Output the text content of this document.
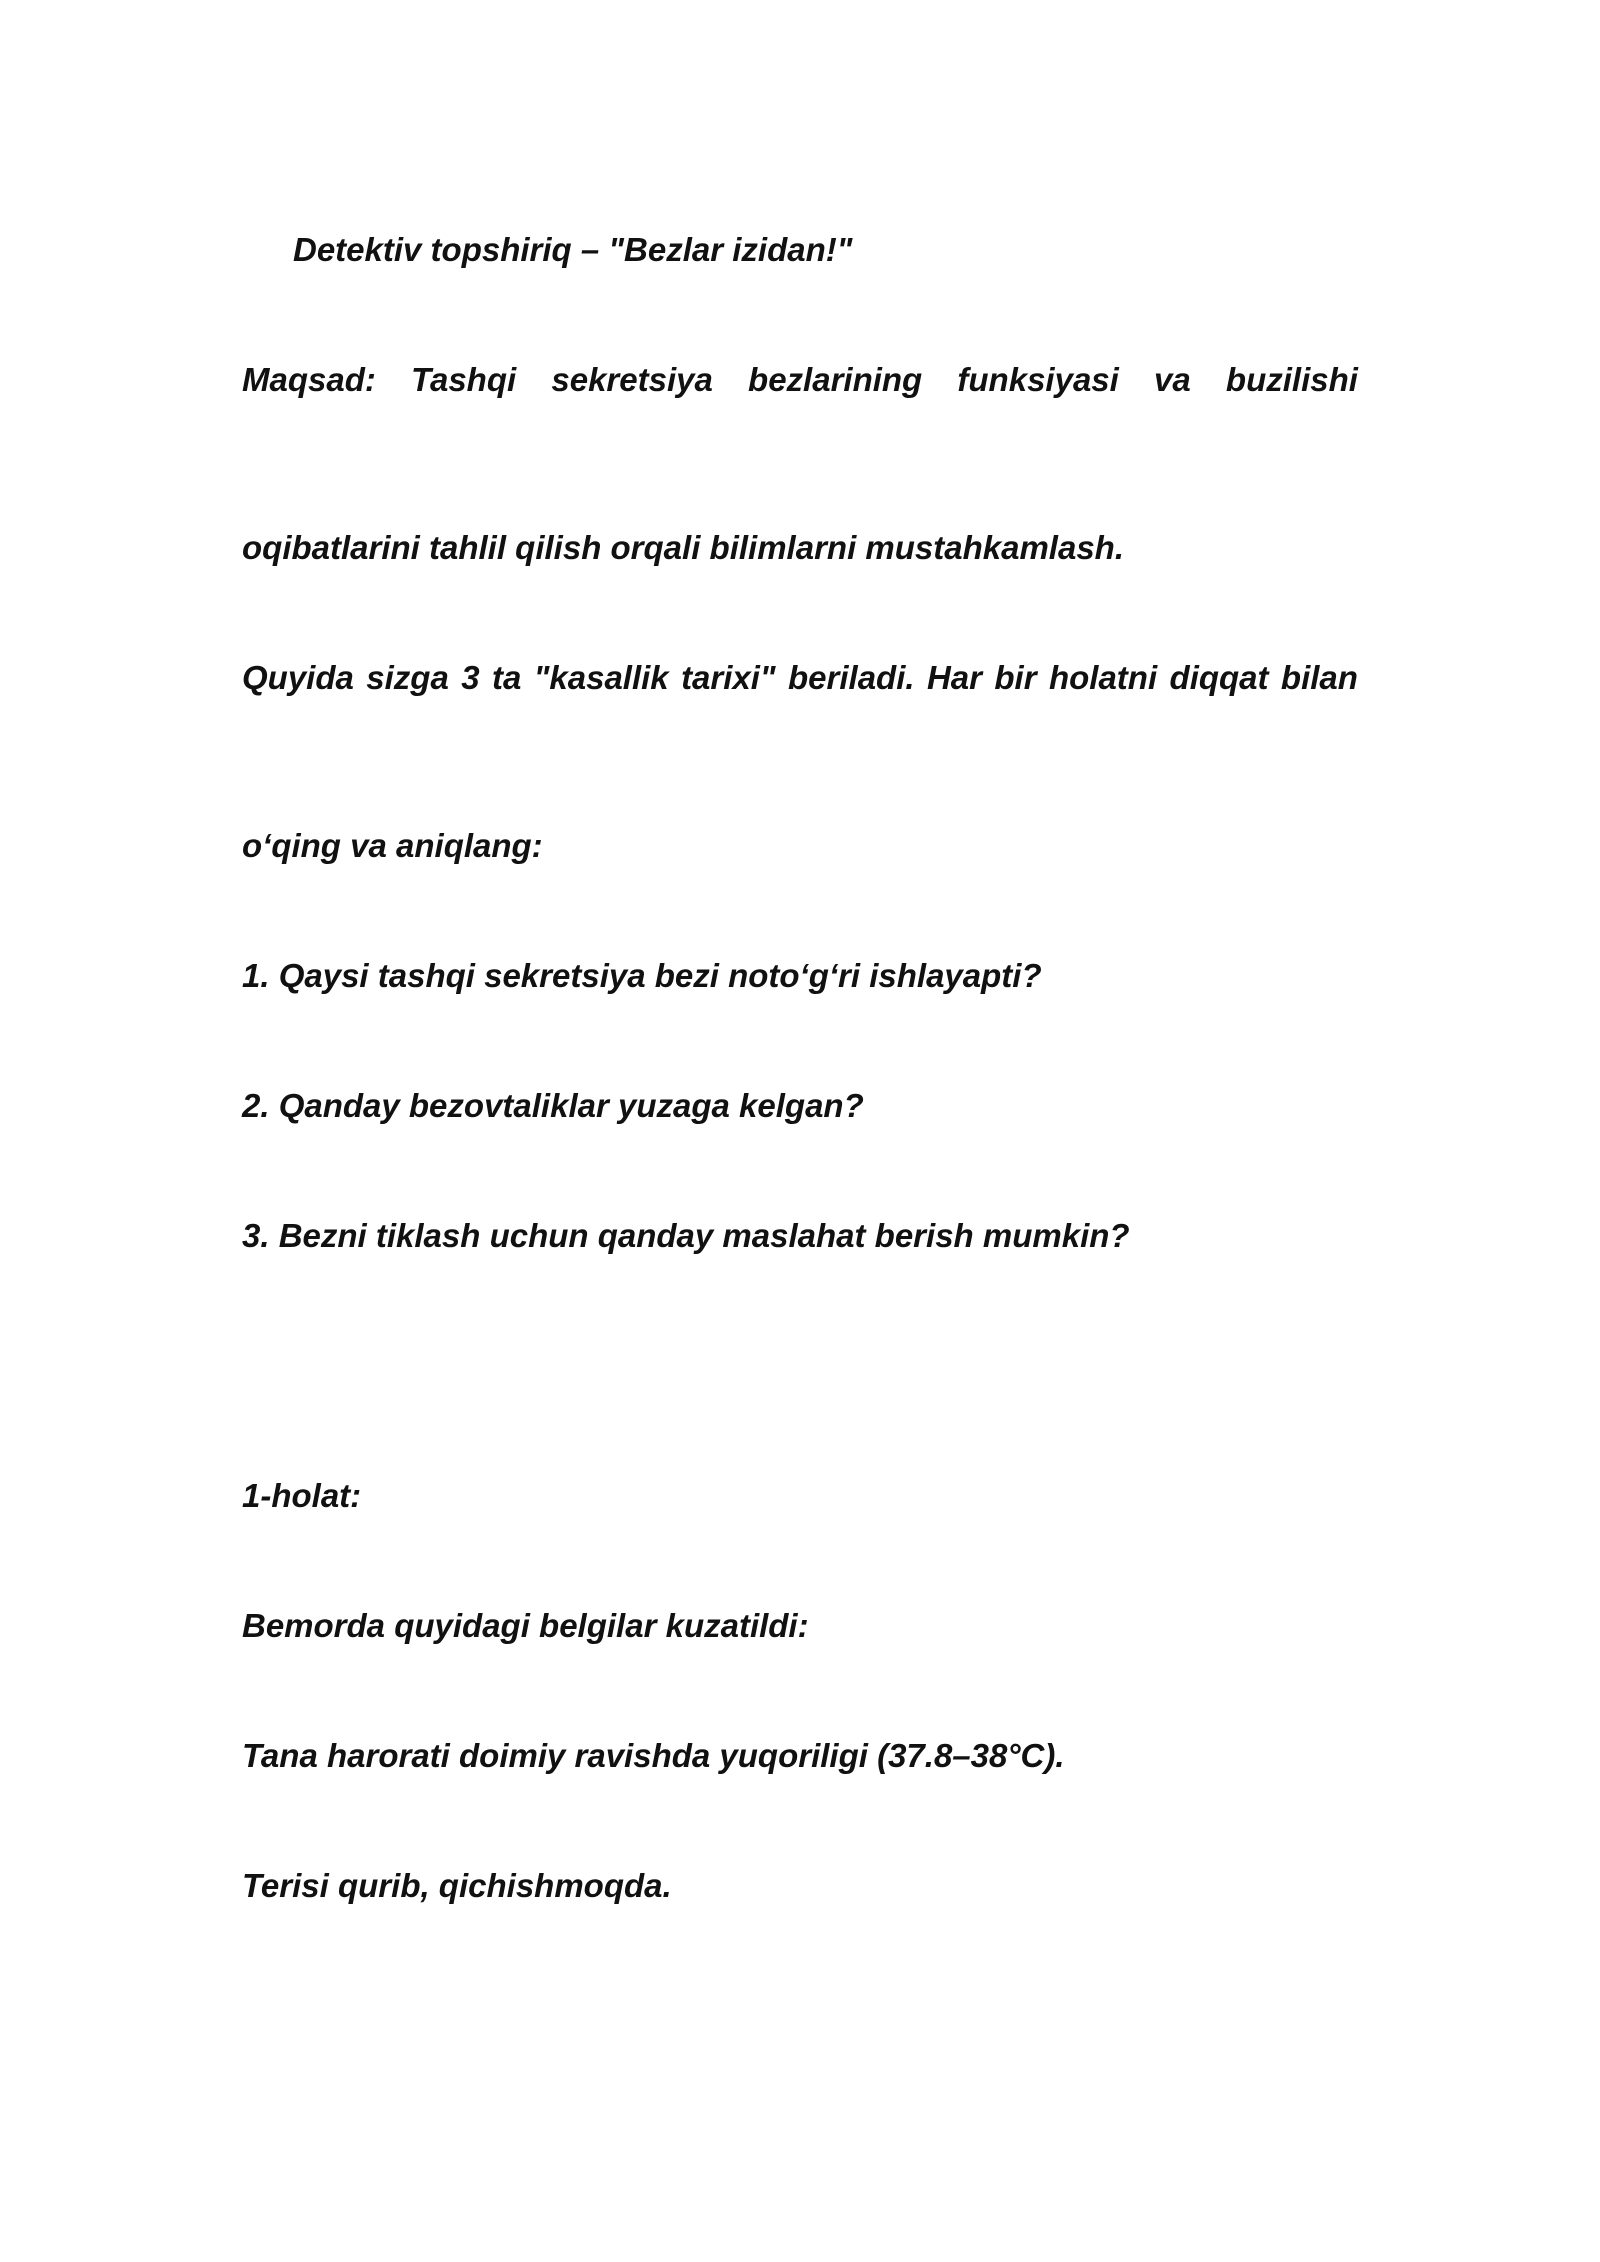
Detektiv topshiriq – "Bezlar izidan!"

Maqsad: Tashqi sekretsiya bezlarining funksiyasi va buzilishi

oqibatlarini tahlil qilish orqali bilimlarni mustahkamlash.

Quyida sizga 3 ta "kasallik tarixi" beriladi. Har bir holatni diqqat bilan

oʻqing va aniqlang:

1. Qaysi tashqi sekretsiya bezi notoʻgʻri ishlayapti?

2. Qanday bezovtaliklar yuzaga kelgan?

3. Bezni tiklash uchun qanday maslahat berish mumkin?

1-holat:

Bemorda quyidagi belgilar kuzatildi:

Tana harorati doimiy ravishda yuqoriligi (37.8–38°C).

Terisi qurib, qichishmoqda.
